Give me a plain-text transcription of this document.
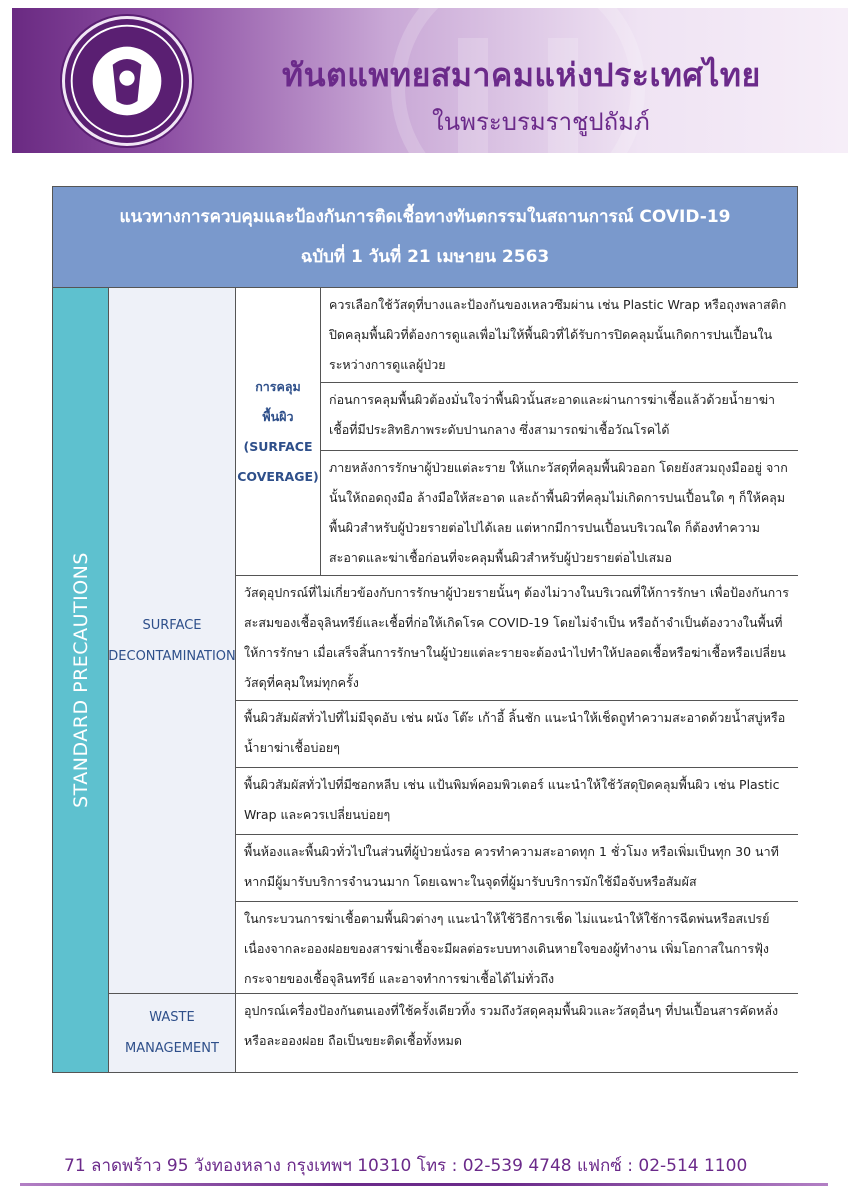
ทันตแพทยสมาคมแห่งประเทศไทย
ในพระบรมราชูปถัมภ์
แนวทางการควบคุมและป้องกันการติดเชื้อทางทันตกรรมในสถานการณ์ COVID-19
ฉบับที่ 1 วันที่ 21 เมษายน 2563
STANDARD PRECAUTIONS	SURFACE
DECONTAMINATION
WASTE
MANAGEMENT
การคลุม
พื้นผิว
(SURFACE
COVERAGE)
ควรเลือกใช้วัสดุที่บางและป้องกันของเหลวซึมผ่าน เช่น Plastic Wrap หรือถุงพลาสติก ปิดคลุมพื้นผิวที่ต้องการดูแลเพื่อไม่ให้พื้นผิวที่ได้รับการปิดคลุมนั้นเกิดการปนเปื้อนในระหว่างการดูแลผู้ป่วย
ก่อนการคลุมพื้นผิวต้องมั่นใจว่าพื้นผิวนั้นสะอาดและผ่านการฆ่าเชื้อแล้วด้วยน้ำยาฆ่าเชื้อที่มีประสิทธิภาพระดับปานกลาง ซึ่งสามารถฆ่าเชื้อวัณโรคได้
ภายหลังการรักษาผู้ป่วยแต่ละราย ให้แกะวัสดุที่คลุมพื้นผิวออก โดยยังสวมถุงมืออยู่ จากนั้นให้ถอดถุงมือ ล้างมือให้สะอาด และถ้าพื้นผิวที่คลุมไม่เกิดการปนเปื้อนใด ๆ ก็ให้คลุมพื้นผิวสำหรับผู้ป่วยรายต่อไปได้เลย แต่หากมีการปนเปื้อนบริเวณใด ก็ต้องทำความสะอาดและฆ่าเชื้อก่อนที่จะคลุมพื้นผิวสำหรับผู้ป่วยรายต่อไปเสมอ
วัสดุอุปกรณ์ที่ไม่เกี่ยวข้องกับการรักษาผู้ป่วยรายนั้นๆ ต้องไม่วางในบริเวณที่ให้การรักษา เพื่อป้องกันการสะสมของเชื้อจุลินทรีย์และเชื้อที่ก่อให้เกิดโรค COVID-19 โดยไม่จำเป็น หรือถ้าจำเป็นต้องวางในพื้นที่ให้การรักษา เมื่อเสร็จสิ้นการรักษาในผู้ป่วยแต่ละรายจะต้องนำไปทำให้ปลอดเชื้อหรือฆ่าเชื้อหรือเปลี่ยนวัสดุที่คลุมใหม่ทุกครั้ง
พื้นผิวสัมผัสทั่วไปที่ไม่มีจุดอับ เช่น ผนัง โต๊ะ เก้าอี้ ลิ้นชัก แนะนำให้เช็ดถูทำความสะอาดด้วยน้ำสบู่หรือน้ำยาฆ่าเชื้อบ่อยๆ
พื้นผิวสัมผัสทั่วไปที่มีซอกหลีบ เช่น แป้นพิมพ์คอมพิวเตอร์ แนะนำให้ใช้วัสดุปิดคลุมพื้นผิว เช่น Plastic Wrap และควรเปลี่ยนบ่อยๆ
พื้นห้องและพื้นผิวทั่วไปในส่วนที่ผู้ป่วยนั่งรอ ควรทำความสะอาดทุก 1 ชั่วโมง หรือเพิ่มเป็นทุก 30 นาทีหากมีผู้มารับบริการจำนวนมาก โดยเฉพาะในจุดที่ผู้มารับบริการมักใช้มือจับหรือสัมผัส
ในกระบวนการฆ่าเชื้อตามพื้นผิวต่างๆ แนะนำให้ใช้วิธีการเช็ด ไม่แนะนำให้ใช้การฉีดพ่นหรือสเปรย์ เนื่องจากละอองฝอยของสารฆ่าเชื้อจะมีผลต่อระบบทางเดินหายใจของผู้ทำงาน เพิ่มโอกาสในการฟุ้งกระจายของเชื้อจุลินทรีย์ และอาจทำการฆ่าเชื้อได้ไม่ทั่วถึง
อุปกรณ์เครื่องป้องกันตนเองที่ใช้ครั้งเดียวทิ้ง รวมถึงวัสดุคลุมพื้นผิวและวัสดุอื่นๆ ที่ปนเปื้อนสารคัดหลั่งหรือละอองฝอย ถือเป็นขยะติดเชื้อทั้งหมด
71 ลาดพร้าว 95 วังทองหลาง กรุงเทพฯ 10310 โทร : 02-539 4748 แฟกซ์ : 02-514 1100
